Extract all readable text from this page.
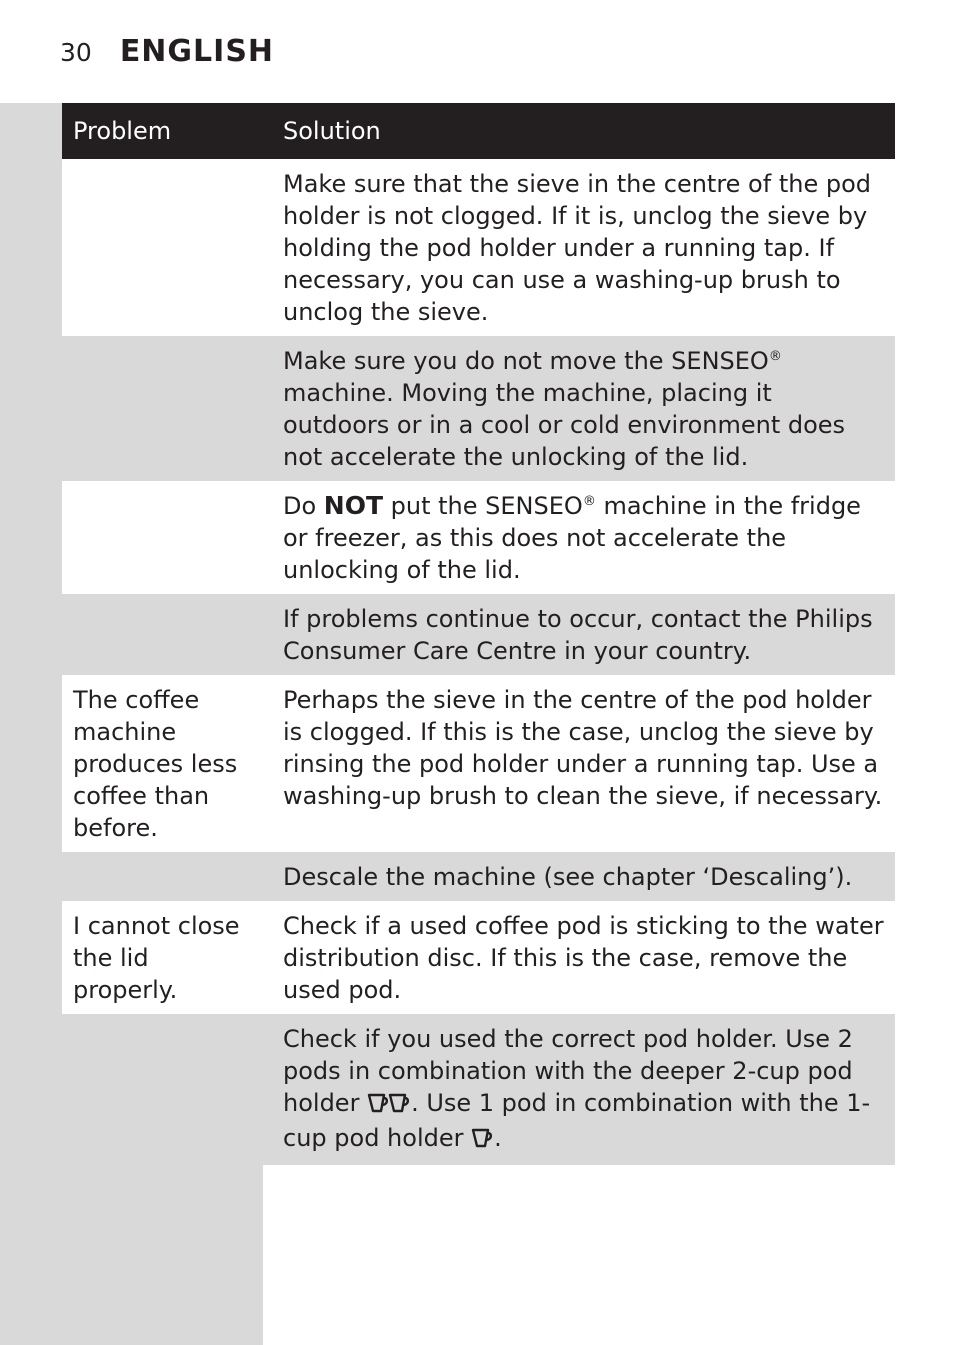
30 ENGLISH
Problem	Solution
	Make sure that the sieve in the centre of the pod holder is not clogged. If it is, unclog the sieve by holding the pod holder under a running tap. If necessary, you can use a washing-up brush to unclog the sieve.
	Make sure you do not move the SENSEO® machine. Moving the machine, placing it outdoors or in a cool or cold environment does not accelerate the unlocking of the lid.
	Do NOT put the SENSEO® machine in the fridge or freezer, as this does not accelerate the unlocking of the lid.
	If problems continue to occur, contact the Philips Consumer Care Centre in your country.
The coffee machine produces less coffee than before.	Perhaps the sieve in the centre of the pod holder is clogged. If this is the case, unclog the sieve by rinsing the pod holder under a running tap. Use a washing-up brush to clean the sieve, if necessary.
	Descale the machine (see chapter ‘Descaling’).
I cannot close the lid properly.	Check if a used coffee pod is sticking to the water distribution disc. If this is the case, remove the used pod.
	Check if you used the correct pod holder. Use 2 pods in combination with the deeper 2-cup pod holder . Use 1 pod in combination with the 1-cup pod holder .
